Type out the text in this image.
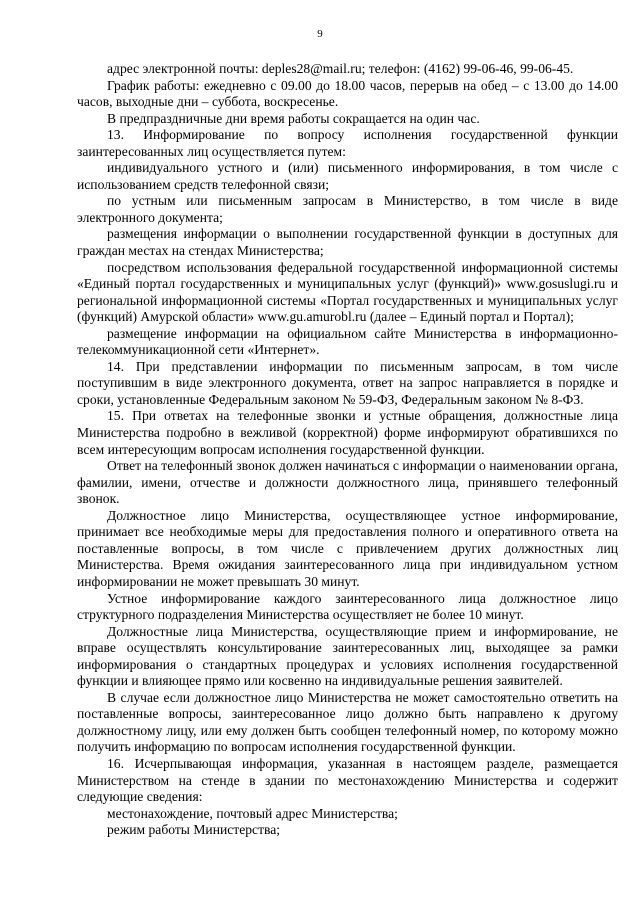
9

адрес электронной почты: deples28@mail.ru; телефон: (4162) 99-06-46, 99-06-45.

График работы: ежедневно с 09.00 до 18.00 часов, перерыв на обед – с 13.00 до 14.00 часов, выходные дни – суббота, воскресенье.

В предпраздничные дни время работы сокращается на один час.

13. Информирование по вопросу исполнения государственной функции заинтересованных лиц осуществляется путем:

индивидуального устного и (или) письменного информирования, в том числе с использованием средств телефонной связи;

по устным или письменным запросам в Министерство, в том числе в виде электронного документа;

размещения информации о выполнении государственной функции в доступных для граждан местах на стендах Министерства;

посредством использования федеральной государственной информационной системы «Единый портал государственных и муниципальных услуг (функций)» www.gosuslugi.ru и региональной информационной системы «Портал государственных и муниципальных услуг (функций) Амурской области» www.gu.amurobl.ru (далее – Единый портал и Портал);

размещение информации на официальном сайте Министерства в информационно-телекоммуникационной сети «Интернет».

14. При представлении информации по письменным запросам, в том числе поступившим в виде электронного документа, ответ на запрос направляется в порядке и сроки, установленные Федеральным законом № 59-ФЗ, Федеральным законом № 8-ФЗ.

15. При ответах на телефонные звонки и устные обращения, должностные лица Министерства подробно в вежливой (корректной) форме информируют обратившихся по всем интересующим вопросам исполнения государственной функции.

Ответ на телефонный звонок должен начинаться с информации о наименовании органа, фамилии, имени, отчестве и должности должностного лица, принявшего телефонный звонок.

Должностное лицо Министерства, осуществляющее устное информирование, принимает все необходимые меры для предоставления полного и оперативного ответа на поставленные вопросы, в том числе с привлечением других должностных лиц Министерства. Время ожидания заинтересованного лица при индивидуальном устном информировании не может превышать 30 минут.

Устное информирование каждого заинтересованного лица должностное лицо структурного подразделения Министерства осуществляет не более 10 минут.

Должностные лица Министерства, осуществляющие прием и информирование, не вправе осуществлять консультирование заинтересованных лиц, выходящее за рамки информирования о стандартных процедурах и условиях исполнения государственной функции и влияющее прямо или косвенно на индивидуальные решения заявителей.

В случае если должностное лицо Министерства не может самостоятельно ответить на поставленные вопросы, заинтересованное лицо должно быть направлено к другому должностному лицу, или ему должен быть сообщен телефонный номер, по которому можно получить информацию по вопросам исполнения государственной функции.

16. Исчерпывающая информация, указанная в настоящем разделе, размещается Министерством на стенде в здании по местонахождению Министерства и содержит следующие сведения:

местонахождение, почтовый адрес Министерства;

режим работы Министерства;
